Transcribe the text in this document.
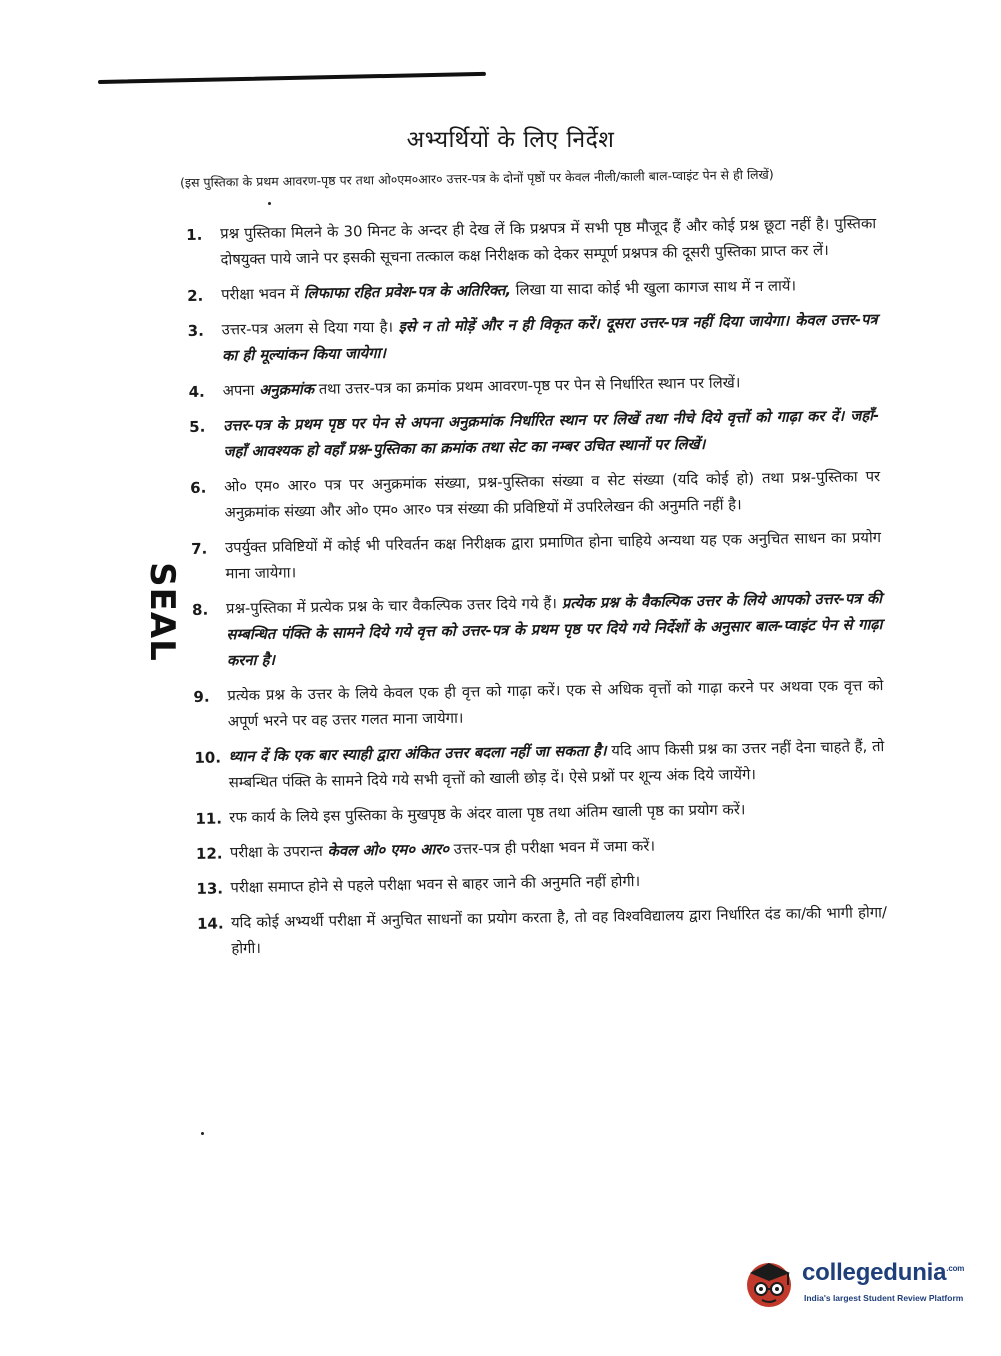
अभ्यर्थियों के लिए निर्देश
(इस पुस्तिका के प्रथम आवरण-पृष्ठ पर तथा ओ०एम०आर० उत्तर-पत्र के दोनों पृष्ठों पर केवल नीली/काली बाल-प्वाइंट पेन से ही लिखें)
SEAL
1. प्रश्न पुस्तिका मिलने के 30 मिनट के अन्दर ही देख लें कि प्रश्नपत्र में सभी पृष्ठ मौजूद हैं और कोई प्रश्न छूटा नहीं है। पुस्तिका दोषयुक्त पाये जाने पर इसकी सूचना तत्काल कक्ष निरीक्षक को देकर सम्पूर्ण प्रश्नपत्र की दूसरी पुस्तिका प्राप्त कर लें।
2. परीक्षा भवन में लिफाफा रहित प्रवेश-पत्र के अतिरिक्त, लिखा या सादा कोई भी खुला कागज साथ में न लायें।
3. उत्तर-पत्र अलग से दिया गया है। इसे न तो मोड़ें और न ही विकृत करें। दूसरा उत्तर-पत्र नहीं दिया जायेगा। केवल उत्तर-पत्र का ही मूल्यांकन किया जायेगा।
4. अपना अनुक्रमांक तथा उत्तर-पत्र का क्रमांक प्रथम आवरण-पृष्ठ पर पेन से निर्धारित स्थान पर लिखें।
5. उत्तर-पत्र के प्रथम पृष्ठ पर पेन से अपना अनुक्रमांक निर्धारित स्थान पर लिखें तथा नीचे दिये वृत्तों को गाढ़ा कर दें। जहाँ-जहाँ आवश्यक हो वहाँ प्रश्न-पुस्तिका का क्रमांक तथा सेट का नम्बर उचित स्थानों पर लिखें।
6. ओ० एम० आर० पत्र पर अनुक्रमांक संख्या, प्रश्न-पुस्तिका संख्या व सेट संख्या (यदि कोई हो) तथा प्रश्न-पुस्तिका पर अनुक्रमांक संख्या और ओ० एम० आर० पत्र संख्या की प्रविष्टियों में उपरिलेखन की अनुमति नहीं है।
7. उपर्युक्त प्रविष्टियों में कोई भी परिवर्तन कक्ष निरीक्षक द्वारा प्रमाणित होना चाहिये अन्यथा यह एक अनुचित साधन का प्रयोग माना जायेगा।
8. प्रश्न-पुस्तिका में प्रत्येक प्रश्न के चार वैकल्पिक उत्तर दिये गये हैं। प्रत्येक प्रश्न के वैकल्पिक उत्तर के लिये आपको उत्तर-पत्र की सम्बन्धित पंक्ति के सामने दिये गये वृत्त को उत्तर-पत्र के प्रथम पृष्ठ पर दिये गये निर्देशों के अनुसार बाल-प्वाइंट पेन से गाढ़ा करना है।
9. प्रत्येक प्रश्न के उत्तर के लिये केवल एक ही वृत्त को गाढ़ा करें। एक से अधिक वृत्तों को गाढ़ा करने पर अथवा एक वृत्त को अपूर्ण भरने पर वह उत्तर गलत माना जायेगा।
10. ध्यान दें कि एक बार स्याही द्वारा अंकित उत्तर बदला नहीं जा सकता है। यदि आप किसी प्रश्न का उत्तर नहीं देना चाहते हैं, तो सम्बन्धित पंक्ति के सामने दिये गये सभी वृत्तों को खाली छोड़ दें। ऐसे प्रश्नों पर शून्य अंक दिये जायेंगे।
11. रफ कार्य के लिये इस पुस्तिका के मुखपृष्ठ के अंदर वाला पृष्ठ तथा अंतिम खाली पृष्ठ का प्रयोग करें।
12. परीक्षा के उपरान्त केवल ओ० एम० आर० उत्तर-पत्र ही परीक्षा भवन में जमा करें।
13. परीक्षा समाप्त होने से पहले परीक्षा भवन से बाहर जाने की अनुमति नहीं होगी।
14. यदि कोई अभ्यर्थी परीक्षा में अनुचित साधनों का प्रयोग करता है, तो वह विश्वविद्यालय द्वारा निर्धारित दंड का/की भागी होगा/होगी।
collegedunia$^{.com}$
India's largest Student Review Platform
